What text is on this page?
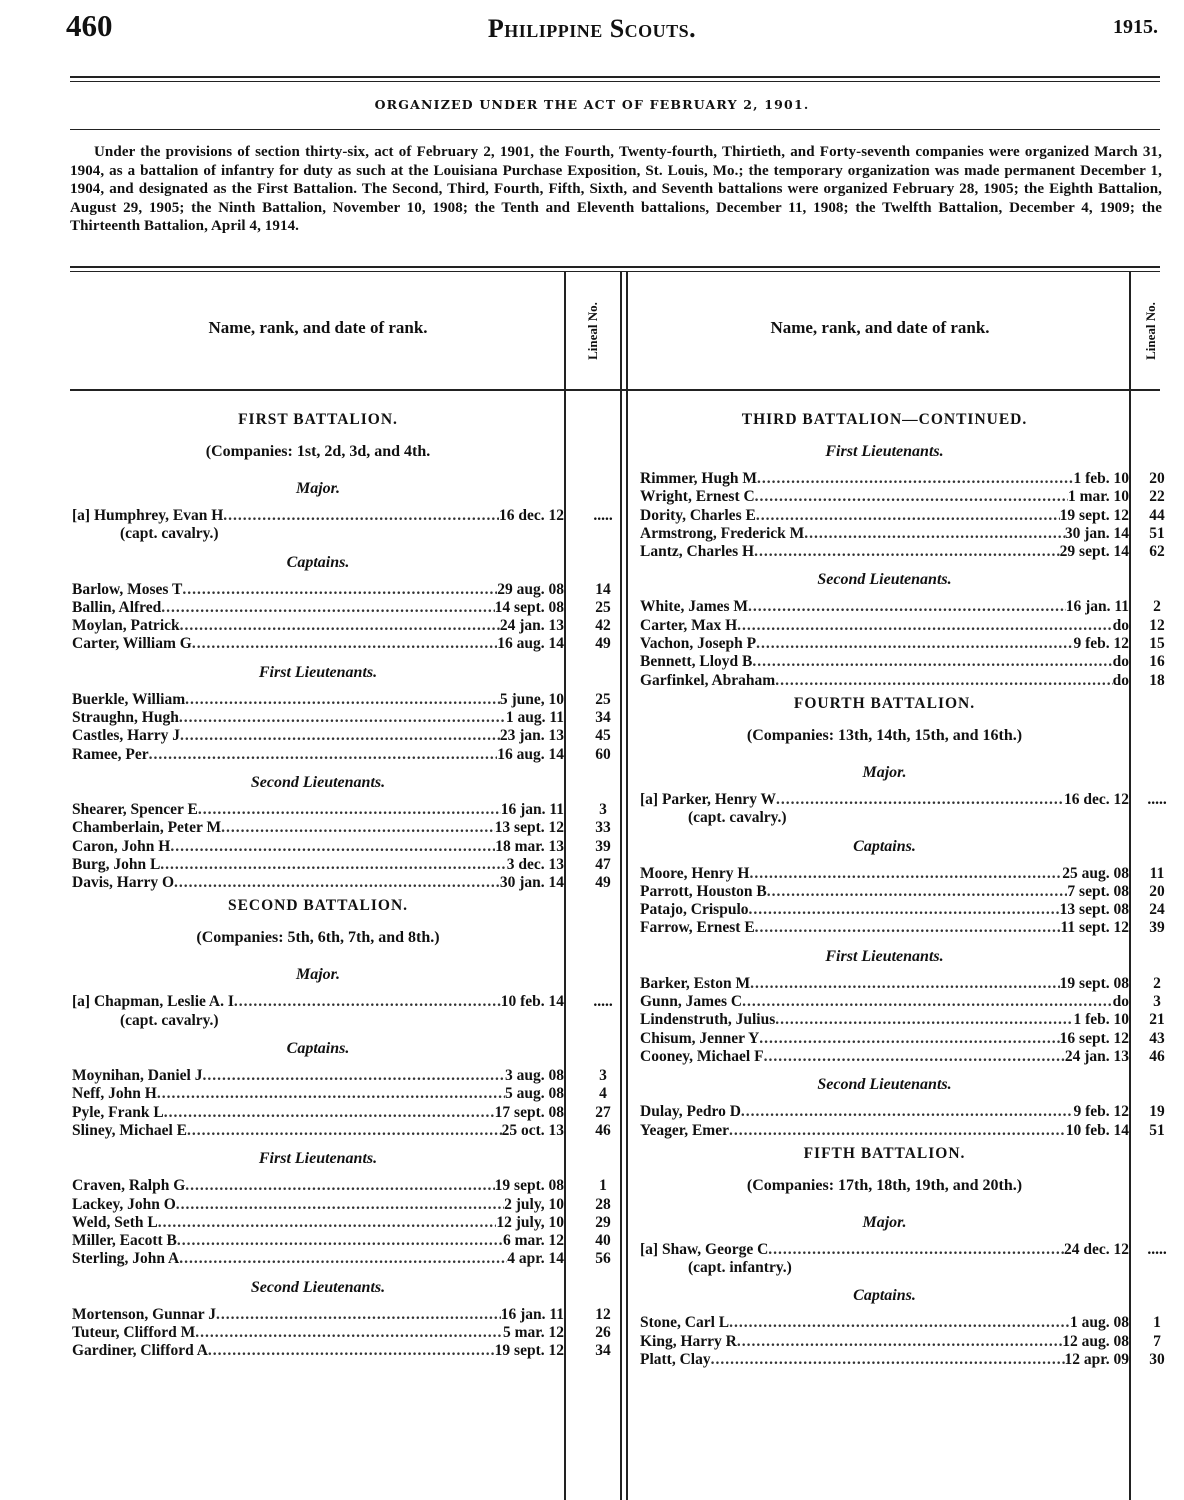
460	Philippine Scouts.	1915.
ORGANIZED UNDER THE ACT OF FEBRUARY 2, 1901.
Under the provisions of section thirty-six, act of February 2, 1901, the Fourth, Twenty-fourth, Thirtieth, and Forty-seventh companies were organized March 31, 1904, as a battalion of infantry for duty as such at the Louisiana Purchase Exposition, St. Louis, Mo.; the temporary organization was made permanent December 1, 1904, and designated as the First Battalion. The Second, Third, Fourth, Fifth, Sixth, and Seventh battalions were organized February 28, 1905; the Eighth Battalion, August 29, 1905; the Ninth Battalion, November 10, 1908; the Tenth and Eleventh battalions, December 11, 1908; the Twelfth Battalion, December 4, 1909; the Thirteenth Battalion, April 4, 1914.
Name, rank, and date of rank.	Lineal No.	Name, rank, and date of rank.	Lineal No.
FIRST BATTALION.
(Companies: 1st, 2d, 3d, and 4th.
Major.
[a] Humphrey, Evan H .....	16 dec. 12	.....
(capt. cavalry.)
Captains.
Barlow, Moses T .....	29 aug. 08	14
Ballin, Alfred .....	14 sept. 08	25
Moylan, Patrick .....	24 jan. 13	42
Carter, William G .....	16 aug. 14	49
First Lieutenants.
Buerkle, William .....	5 june, 10	25
Straughn, Hugh .....	1 aug. 11	34
Castles, Harry J .....	23 jan. 13	45
Ramee, Per .....	16 aug. 14	60
Second Lieutenants.
Shearer, Spencer E .....	16 jan. 11	3
Chamberlain, Peter M .....	13 sept. 12	33
Caron, John H .....	18 mar. 13	39
Burg, John L .....	3 dec. 13	47
Davis, Harry O .....	30 jan. 14	49
SECOND BATTALION.
(Companies: 5th, 6th, 7th, and 8th.)
Major.
[a] Chapman, Leslie A. I .....	10 feb. 14	.....
(capt. cavalry.)
Captains.
Moynihan, Daniel J .....	3 aug. 08	3
Neff, John H .....	5 aug. 08	4
Pyle, Frank L .....	17 sept. 08	27
Sliney, Michael E .....	25 oct. 13	46
First Lieutenants.
Craven, Ralph G .....	19 sept. 08	1
Lackey, John O .....	2 july, 10	28
Weld, Seth L .....	12 july, 10	29
Miller, Eacott B .....	6 mar. 12	40
Sterling, John A .....	4 apr. 14	56
Second Lieutenants.
Mortenson, Gunnar J .....	16 jan. 11	12
Tuteur, Clifford M .....	5 mar. 12	26
Gardiner, Clifford A .....	19 sept. 12	34
THIRD BATTALION—CONTINUED.
First Lieutenants.
Rimmer, Hugh M .....	1 feb. 10	20
Wright, Ernest C .....	1 mar. 10	22
Dority, Charles E .....	19 sept. 12	44
Armstrong, Frederick M .....	30 jan. 14	51
Lantz, Charles H .....	29 sept. 14	62
Second Lieutenants.
White, James M .....	16 jan. 11	2
Carter, Max H .....	do	12
Vachon, Joseph P .....	9 feb. 12	15
Bennett, Lloyd B .....	do	16
Garfinkel, Abraham .....	do	18
FOURTH BATTALION.
(Companies: 13th, 14th, 15th, and 16th.)
Major.
[a] Parker, Henry W .....	16 dec. 12	.....
(capt. cavalry.)
Captains.
Moore, Henry H .....	25 aug. 08	11
Parrott, Houston B .....	7 sept. 08	20
Patajo, Crispulo .....	13 sept. 08	24
Farrow, Ernest E .....	11 sept. 12	39
First Lieutenants.
Barker, Eston M .....	19 sept. 08	2
Gunn, James C .....	do	3
Lindenstruth, Julius .....	1 feb. 10	21
Chisum, Jenner Y .....	16 sept. 12	43
Cooney, Michael F .....	24 jan. 13	46
Second Lieutenants.
Dulay, Pedro D .....	9 feb. 12	19
Yeager, Emer .....	10 feb. 14	51
FIFTH BATTALION.
(Companies: 17th, 18th, 19th, and 20th.)
Major.
[a] Shaw, George C .....	24 dec. 12	.....
(capt. infantry.)
Captains.
Stone, Carl L .....	1 aug. 08	1
King, Harry R .....	12 aug. 08	7
Platt, Clay .....	12 apr. 09	30
